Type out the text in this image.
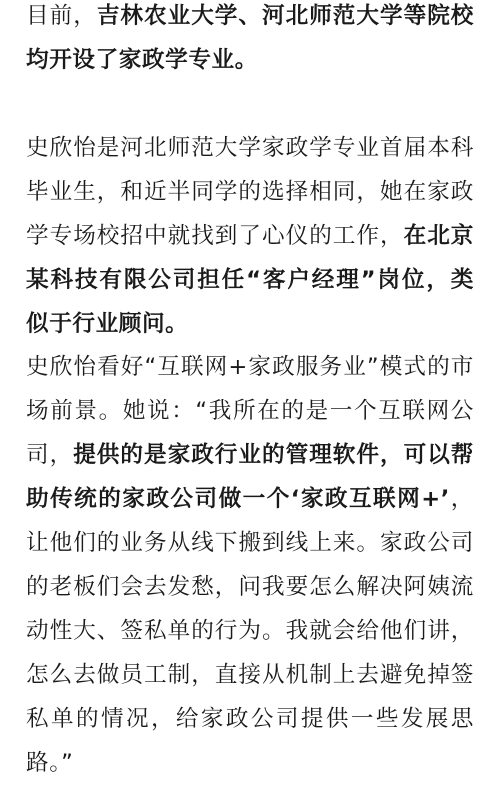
目前，吉林农业大学、河北师范大学等院校均开设了家政学专业。

史欣怡是河北师范大学家政学专业首届本科毕业生，和近半同学的选择相同，她在家政学专场校招中就找到了心仪的工作，在北京某科技有限公司担任“客户经理”岗位，类似于行业顾问。

史欣怡看好“互联网+家政服务业”模式的市场前景。她说：“我所在的是一个互联网公司，提供的是家政行业的管理软件，可以帮助传统的家政公司做一个‘家政互联网+’，让他们的业务从线下搬到线上来。家政公司的老板们会去发愁，问我要怎么解决阿姨流动性大、签私单的行为。我就会给他们讲，怎么去做员工制，直接从机制上去避免掉签私单的情况，给家政公司提供一些发展思路。”
